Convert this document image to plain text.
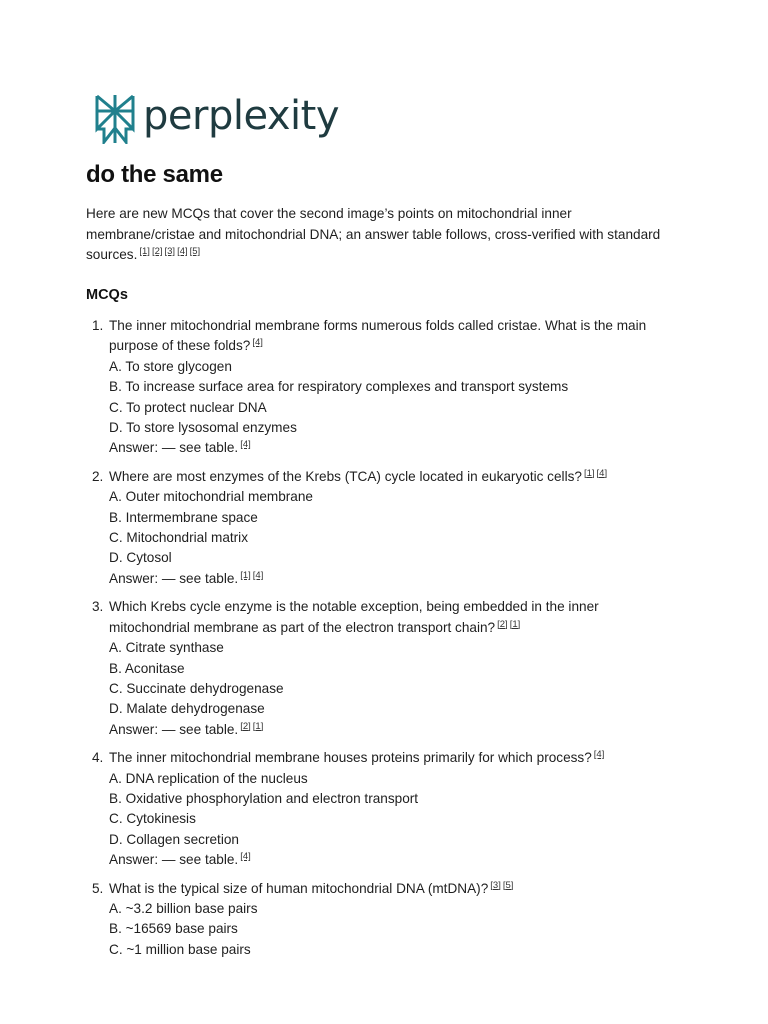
perplexity
do the same

Here are new MCQs that cover the second image’s points on mitochondrial inner
membrane/cristae and mitochondrial DNA; an answer table follows, cross-verified with standard
sources. [1] [2] [3] [4] [5]

MCQs
1. The inner mitochondrial membrane forms numerous folds called cristae. What is the main
purpose of these folds? [4]
A. To store glycogen
B. To increase surface area for respiratory complexes and transport systems
C. To protect nuclear DNA
D. To store lysosomal enzymes
Answer: — see table. [4]
2. Where are most enzymes of the Krebs (TCA) cycle located in eukaryotic cells? [1] [4]
A. Outer mitochondrial membrane
B. Intermembrane space
C. Mitochondrial matrix
D. Cytosol
Answer: — see table. [1] [4]
3. Which Krebs cycle enzyme is the notable exception, being embedded in the inner
mitochondrial membrane as part of the electron transport chain? [2] [1]
A. Citrate synthase
B. Aconitase
C. Succinate dehydrogenase
D. Malate dehydrogenase
Answer: — see table. [2] [1]
4. The inner mitochondrial membrane houses proteins primarily for which process? [4]
A. DNA replication of the nucleus
B. Oxidative phosphorylation and electron transport
C. Cytokinesis
D. Collagen secretion
Answer: — see table. [4]
5. What is the typical size of human mitochondrial DNA (mtDNA)? [3] [5]
A. ~3.2 billion base pairs
B. ~16569 base pairs
C. ~1 million base pairs
